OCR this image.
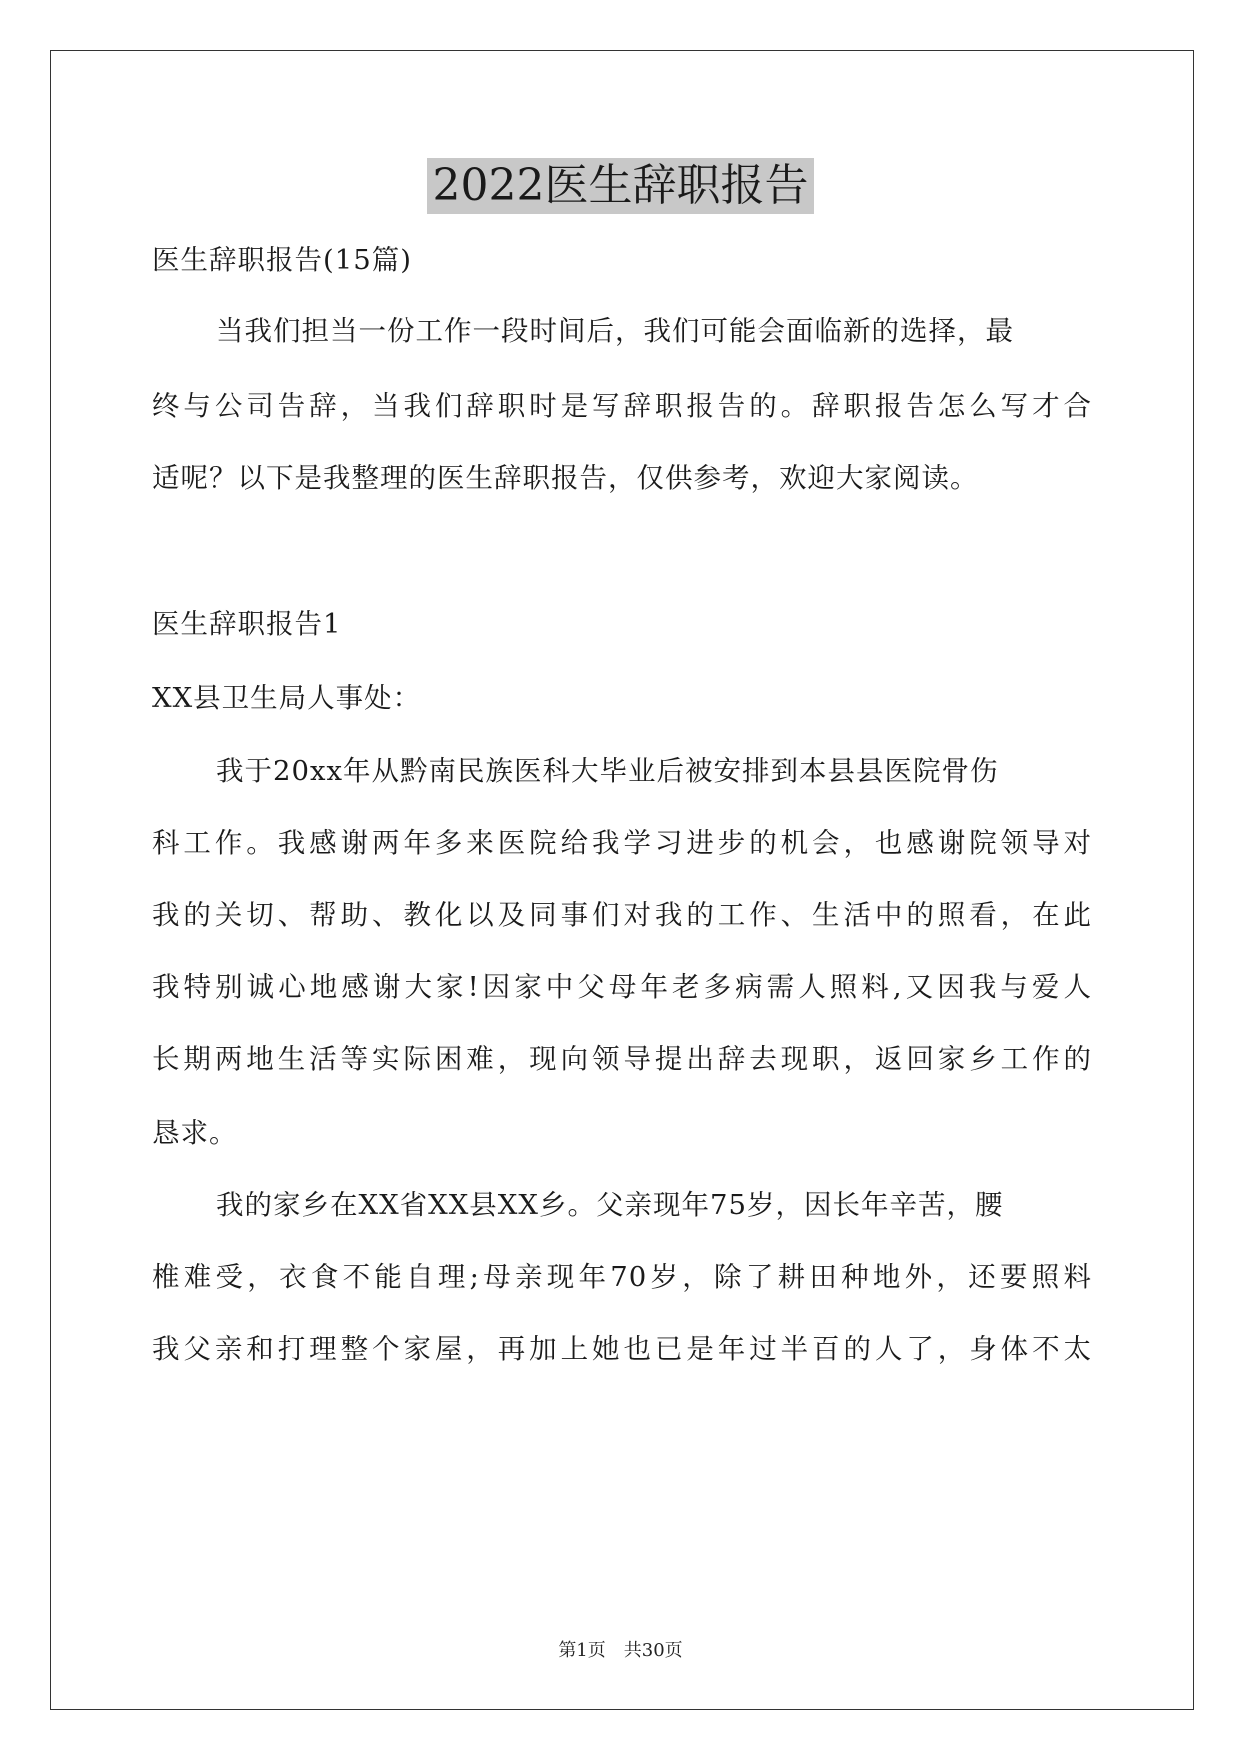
2022医生辞职报告
医生辞职报告(15篇)
当我们担当一份工作一段时间后，我们可能会面临新的选择，最
终与公司告辞，当我们辞职时是写辞职报告的。辞职报告怎么写才合
适呢？以下是我整理的医生辞职报告，仅供参考，欢迎大家阅读。
医生辞职报告1
XX县卫生局人事处：
我于20xx年从黔南民族医科大毕业后被安排到本县县医院骨伤
科工作。我感谢两年多来医院给我学习进步的机会，也感谢院领导对
我的关切、帮助、教化以及同事们对我的工作、生活中的照看，在此
我特别诚心地感谢大家!因家中父母年老多病需人照料,又因我与爱人
长期两地生活等实际困难，现向领导提出辞去现职，返回家乡工作的
恳求。
我的家乡在XX省XX县XX乡。父亲现年75岁，因长年辛苦，腰
椎难受，衣食不能自理;母亲现年70岁，除了耕田种地外，还要照料
我父亲和打理整个家屋，再加上她也已是年过半百的人了，身体不太
第1页　共30页
